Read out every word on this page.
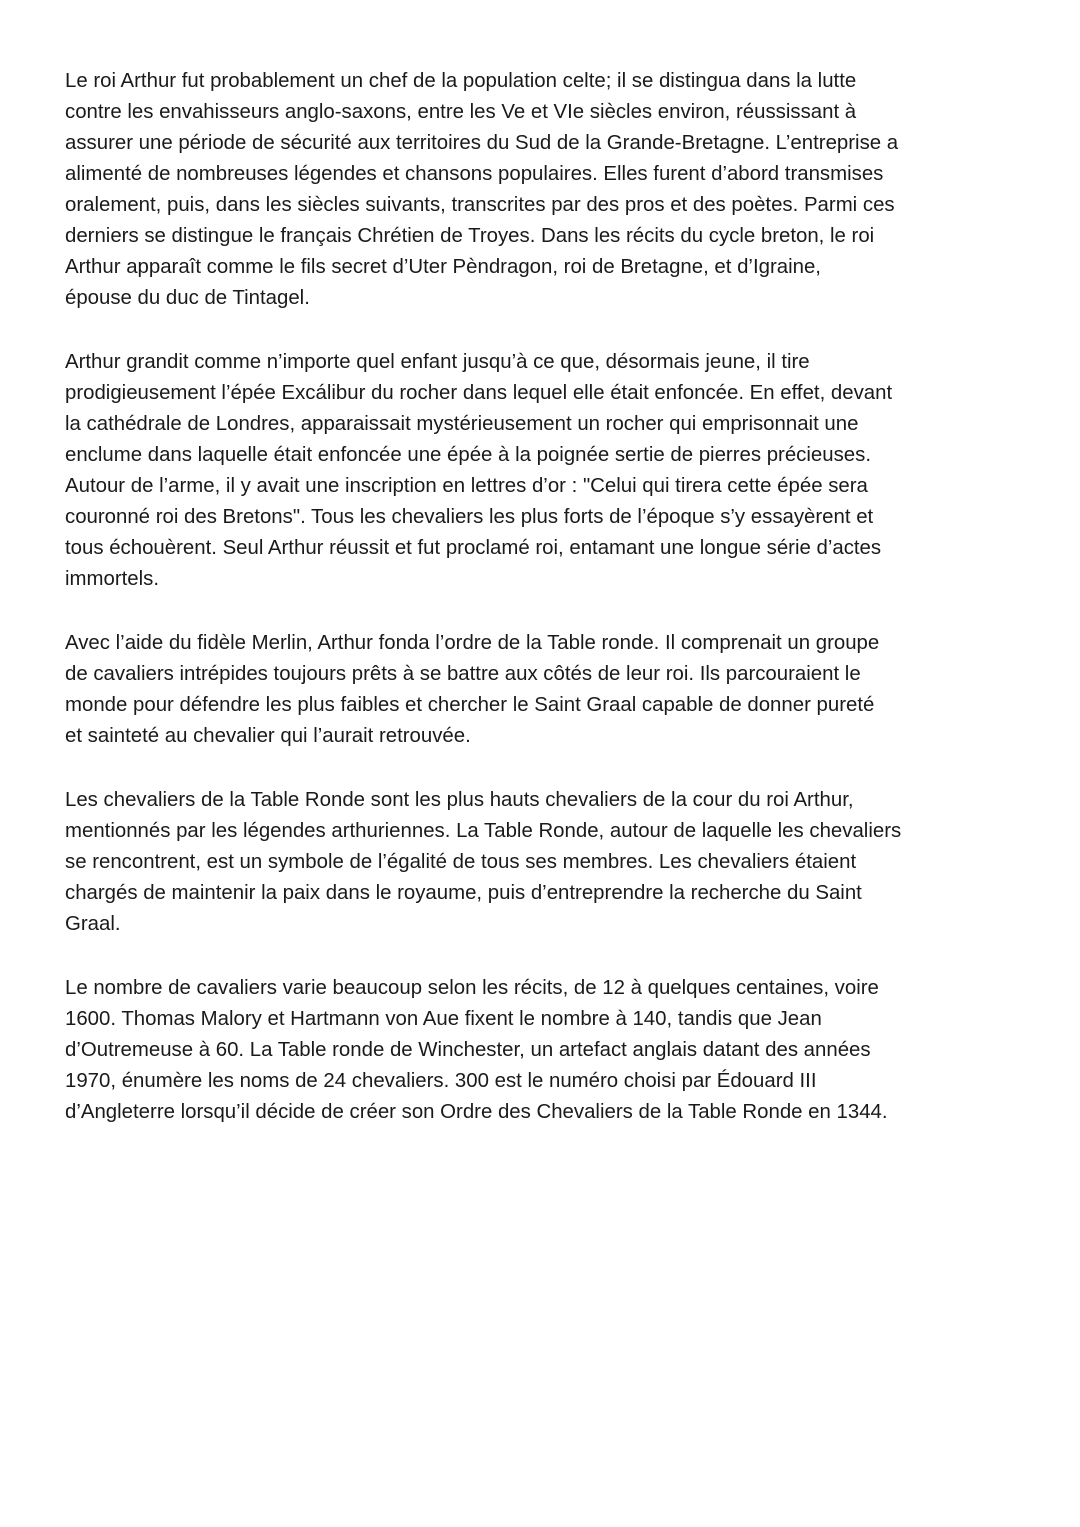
Le roi Arthur fut probablement un chef de la population celte; il se distingua dans la lutte
contre les envahisseurs anglo-saxons, entre les Ve et VIe siècles environ, réussissant à
assurer une période de sécurité aux territoires du Sud de la Grande-Bretagne. L’entreprise a
alimenté de nombreuses légendes et chansons populaires. Elles furent d’abord transmises
oralement, puis, dans les siècles suivants, transcrites par des pros et des poètes. Parmi ces
derniers se distingue le français Chrétien de Troyes. Dans les récits du cycle breton, le roi
Arthur apparaît comme le fils secret d’Uter Pèndragon, roi de Bretagne, et d’Igraine,
épouse du duc de Tintagel.

Arthur grandit comme n’importe quel enfant jusqu’à ce que, désormais jeune, il tire
prodigieusement l’épée Excálibur du rocher dans lequel elle était enfoncée. En effet, devant
la cathédrale de Londres, apparaissait mystérieusement un rocher qui emprisonnait une
enclume dans laquelle était enfoncée une épée à la poignée sertie de pierres précieuses.
Autour de l’arme, il y avait une inscription en lettres d’or : "Celui qui tirera cette épée sera
couronné roi des Bretons". Tous les chevaliers les plus forts de l’époque s’y essayèrent et
tous échouèrent. Seul Arthur réussit et fut proclamé roi, entamant une longue série d’actes
immortels.

Avec l’aide du fidèle Merlin, Arthur fonda l’ordre de la Table ronde. Il comprenait un groupe
de cavaliers intrépides toujours prêts à se battre aux côtés de leur roi. Ils parcouraient le
monde pour défendre les plus faibles et chercher le Saint Graal capable de donner pureté
et sainteté au chevalier qui l’aurait retrouvée.

Les chevaliers de la Table Ronde sont les plus hauts chevaliers de la cour du roi Arthur,
mentionnés par les légendes arthuriennes. La Table Ronde, autour de laquelle les chevaliers
se rencontrent, est un symbole de l’égalité de tous ses membres. Les chevaliers étaient
chargés de maintenir la paix dans le royaume, puis d’entreprendre la recherche du Saint
Graal.

Le nombre de cavaliers varie beaucoup selon les récits, de 12 à quelques centaines, voire
1600. Thomas Malory et Hartmann von Aue fixent le nombre à 140, tandis que Jean
d’Outremeuse à 60. La Table ronde de Winchester, un artefact anglais datant des années
1970, énumère les noms de 24 chevaliers. 300 est le numéro choisi par Édouard III
d’Angleterre lorsqu’il décide de créer son Ordre des Chevaliers de la Table Ronde en 1344.
